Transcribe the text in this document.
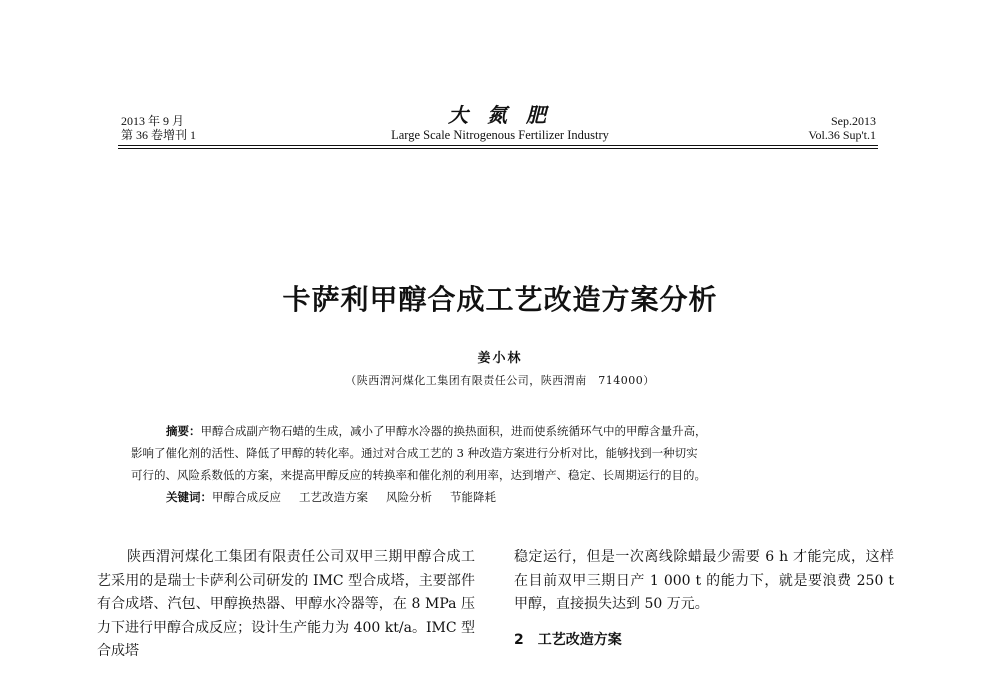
2013 年 9 月
第 36 卷增刊 1
大 氮 肥
Large Scale Nitrogenous Fertilizer Industry
Sep.2013
Vol.36 Sup't.1
卡萨利甲醇合成工艺改造方案分析
姜小林
（陕西渭河煤化工集团有限责任公司，陕西渭南　714000）

摘要：甲醇合成副产物石蜡的生成，减小了甲醇水冷器的换热面积，进而使系统循环气中的甲醇含量升高，

影响了催化剂的活性、降低了甲醇的转化率。通过对合成工艺的 3 种改造方案进行分析对比，能够找到一种切实

可行的、风险系数低的方案，来提高甲醇反应的转换率和催化剂的利用率，达到增产、稳定、长周期运行的目的。

关键词：甲醇合成反应 工艺改造方案 风险分析 节能降耗

陕西渭河煤化工集团有限责任公司双甲三期甲醇合成工艺采用的是瑞士卡萨利公司研发的 IMC 型合成塔，主要部件有合成塔、汽包、甲醇换热器、甲醇水冷器等，在 8 MPa 压力下进行甲醇合成反应；设计生产能力为 400 kt/a。IMC 型合成塔

稳定运行，但是一次离线除蜡最少需要 6 h 才能完成，这样在目前双甲三期日产 1 000 t 的能力下，就是要浪费 250 t 甲醇，直接损失达到 50 万元。

2 工艺改造方案
